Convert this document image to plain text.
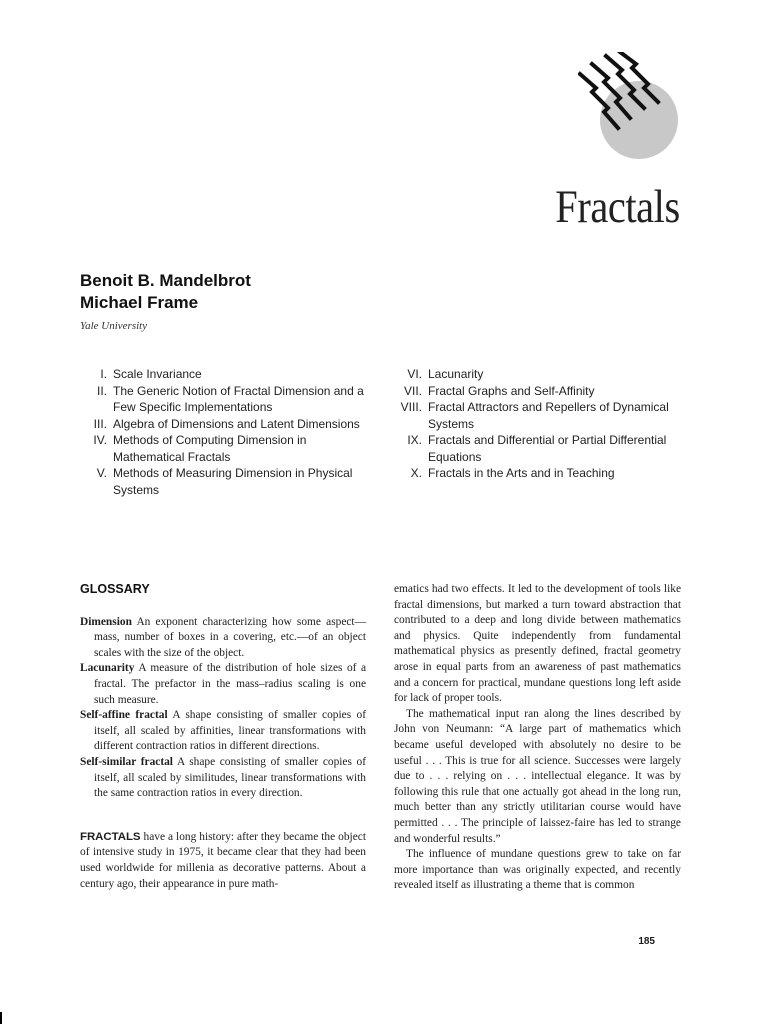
Fractals
Benoit B. Mandelbrot
Michael Frame
Yale University
I. Scale Invariance
II. The Generic Notion of Fractal Dimension and a Few Specific Implementations
III. Algebra of Dimensions and Latent Dimensions
IV. Methods of Computing Dimension in Mathematical Fractals
V. Methods of Measuring Dimension in Physical Systems
VI. Lacunarity
VII. Fractal Graphs and Self-Affinity
VIII. Fractal Attractors and Repellers of Dynamical Systems
IX. Fractals and Differential or Partial Differential Equations
X. Fractals in the Arts and in Teaching
GLOSSARY

Dimension An exponent characterizing how some aspect—mass, number of boxes in a covering, etc.—of an object scales with the size of the object.

Lacunarity A measure of the distribution of hole sizes of a fractal. The prefactor in the mass–radius scaling is one such measure.

Self-affine fractal A shape consisting of smaller copies of itself, all scaled by affinities, linear transformations with different contraction ratios in different directions.

Self-similar fractal A shape consisting of smaller copies of itself, all scaled by similitudes, linear transformations with the same contraction ratios in every direction.

FRACTALS have a long history: after they became the object of intensive study in 1975, it became clear that they had been used worldwide for millenia as decorative patterns. About a century ago, their appearance in pure math-

ematics had two effects. It led to the development of tools like fractal dimensions, but marked a turn toward abstraction that contributed to a deep and long divide between mathematics and physics. Quite independently from fundamental mathematical physics as presently defined, fractal geometry arose in equal parts from an awareness of past mathematics and a concern for practical, mundane questions long left aside for lack of proper tools.

The mathematical input ran along the lines described by John von Neumann: “A large part of mathematics which became useful developed with absolutely no desire to be useful . . . This is true for all science. Successes were largely due to . . . relying on . . . intellectual elegance. It was by following this rule that one actually got ahead in the long run, much better than any strictly utilitarian course would have permitted . . . The principle of laissez-faire has led to strange and wonderful results.”

The influence of mundane questions grew to take on far more importance than was originally expected, and recently revealed itself as illustrating a theme that is common

185
